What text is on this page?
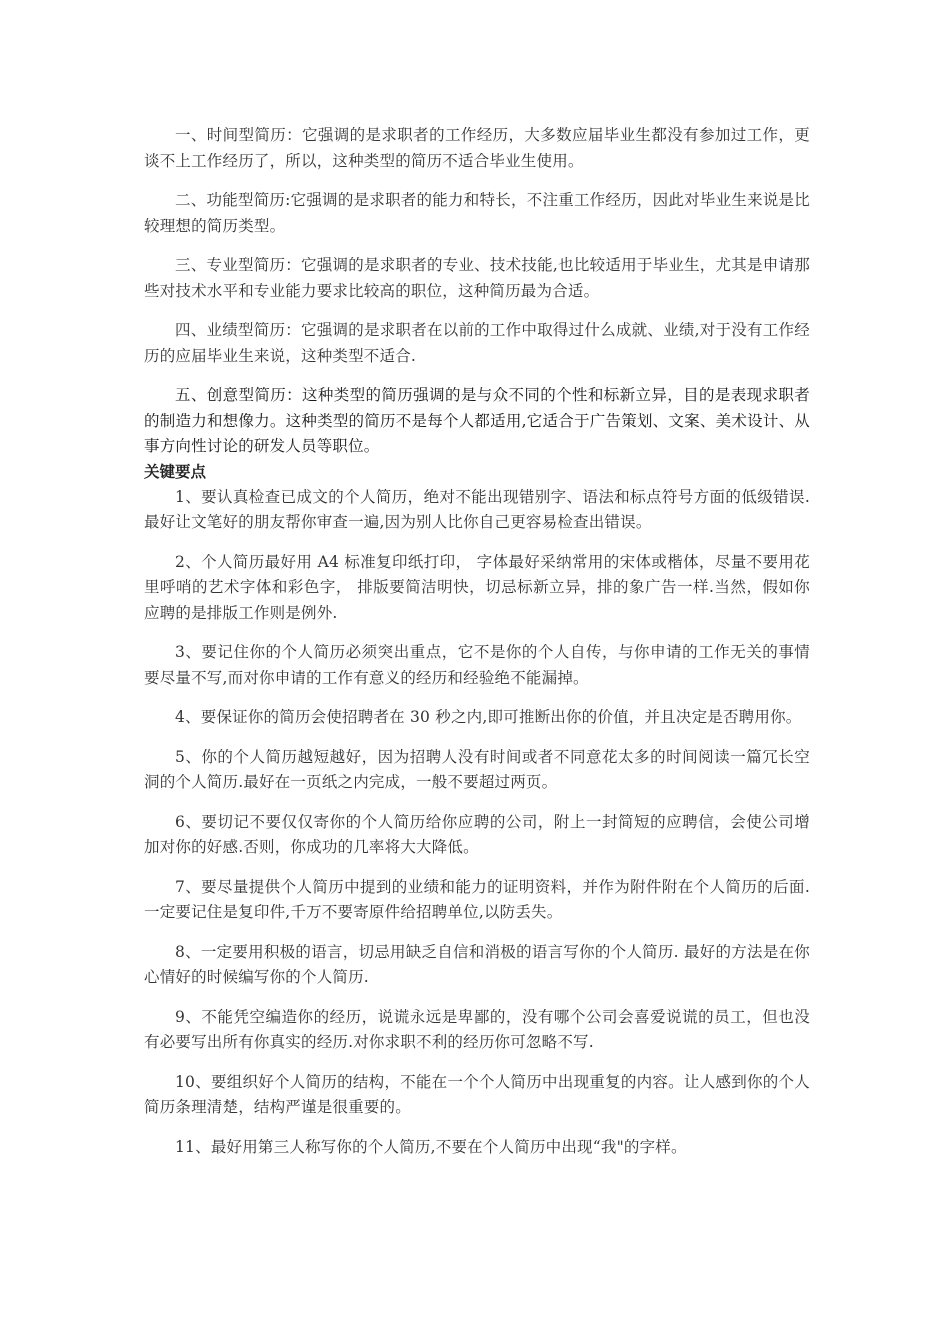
一、时间型简历：它强调的是求职者的工作经历，大多数应届毕业生都没有参加过工作，更谈不上工作经历了，所以，这种类型的简历不适合毕业生使用。

二、功能型简历:它强调的是求职者的能力和特长，不注重工作经历，因此对毕业生来说是比较理想的简历类型。

三、专业型简历：它强调的是求职者的专业、技术技能,也比较适用于毕业生，尤其是申请那些对技术水平和专业能力要求比较高的职位，这种简历最为合适。

四、业绩型简历：它强调的是求职者在以前的工作中取得过什么成就、业绩,对于没有工作经历的应届毕业生来说，这种类型不适合.

五、创意型简历：这种类型的简历强调的是与众不同的个性和标新立异，目的是表现求职者的制造力和想像力。这种类型的简历不是每个人都适用,它适合于广告策划、文案、美术设计、从事方向性讨论的研发人员等职位。

关键要点

1、要认真检查已成文的个人简历，绝对不能出现错别字、语法和标点符号方面的低级错误.最好让文笔好的朋友帮你审查一遍,因为别人比你自己更容易检查出错误。

2、个人简历最好用 A4 标准复印纸打印， 字体最好采纳常用的宋体或楷体，尽量不要用花里呼哨的艺术字体和彩色字， 排版要简洁明快，切忌标新立异，排的象广告一样.当然，假如你应聘的是排版工作则是例外.

3、要记住你的个人简历必须突出重点，它不是你的个人自传，与你申请的工作无关的事情要尽量不写,而对你申请的工作有意义的经历和经验绝不能漏掉。

4、要保证你的简历会使招聘者在 30 秒之内,即可推断出你的价值，并且决定是否聘用你。

5、你的个人简历越短越好，因为招聘人没有时间或者不同意花太多的时间阅读一篇冗长空洞的个人简历.最好在一页纸之内完成，一般不要超过两页。

6、要切记不要仅仅寄你的个人简历给你应聘的公司，附上一封简短的应聘信，会使公司增加对你的好感.否则，你成功的几率将大大降低。

7、要尽量提供个人简历中提到的业绩和能力的证明资料，并作为附件附在个人简历的后面.一定要记住是复印件,千万不要寄原件给招聘单位,以防丢失。

8、一定要用积极的语言，切忌用缺乏自信和消极的语言写你的个人简历. 最好的方法是在你心情好的时候编写你的个人简历.

9、不能凭空编造你的经历，说谎永远是卑鄙的，没有哪个公司会喜爱说谎的员工，但也没有必要写出所有你真实的经历.对你求职不利的经历你可忽略不写.

10、要组织好个人简历的结构，不能在一个个人简历中出现重复的内容。让人感到你的个人简历条理清楚，结构严谨是很重要的。

11、最好用第三人称写你的个人简历,不要在个人简历中出现“我"的字样。
